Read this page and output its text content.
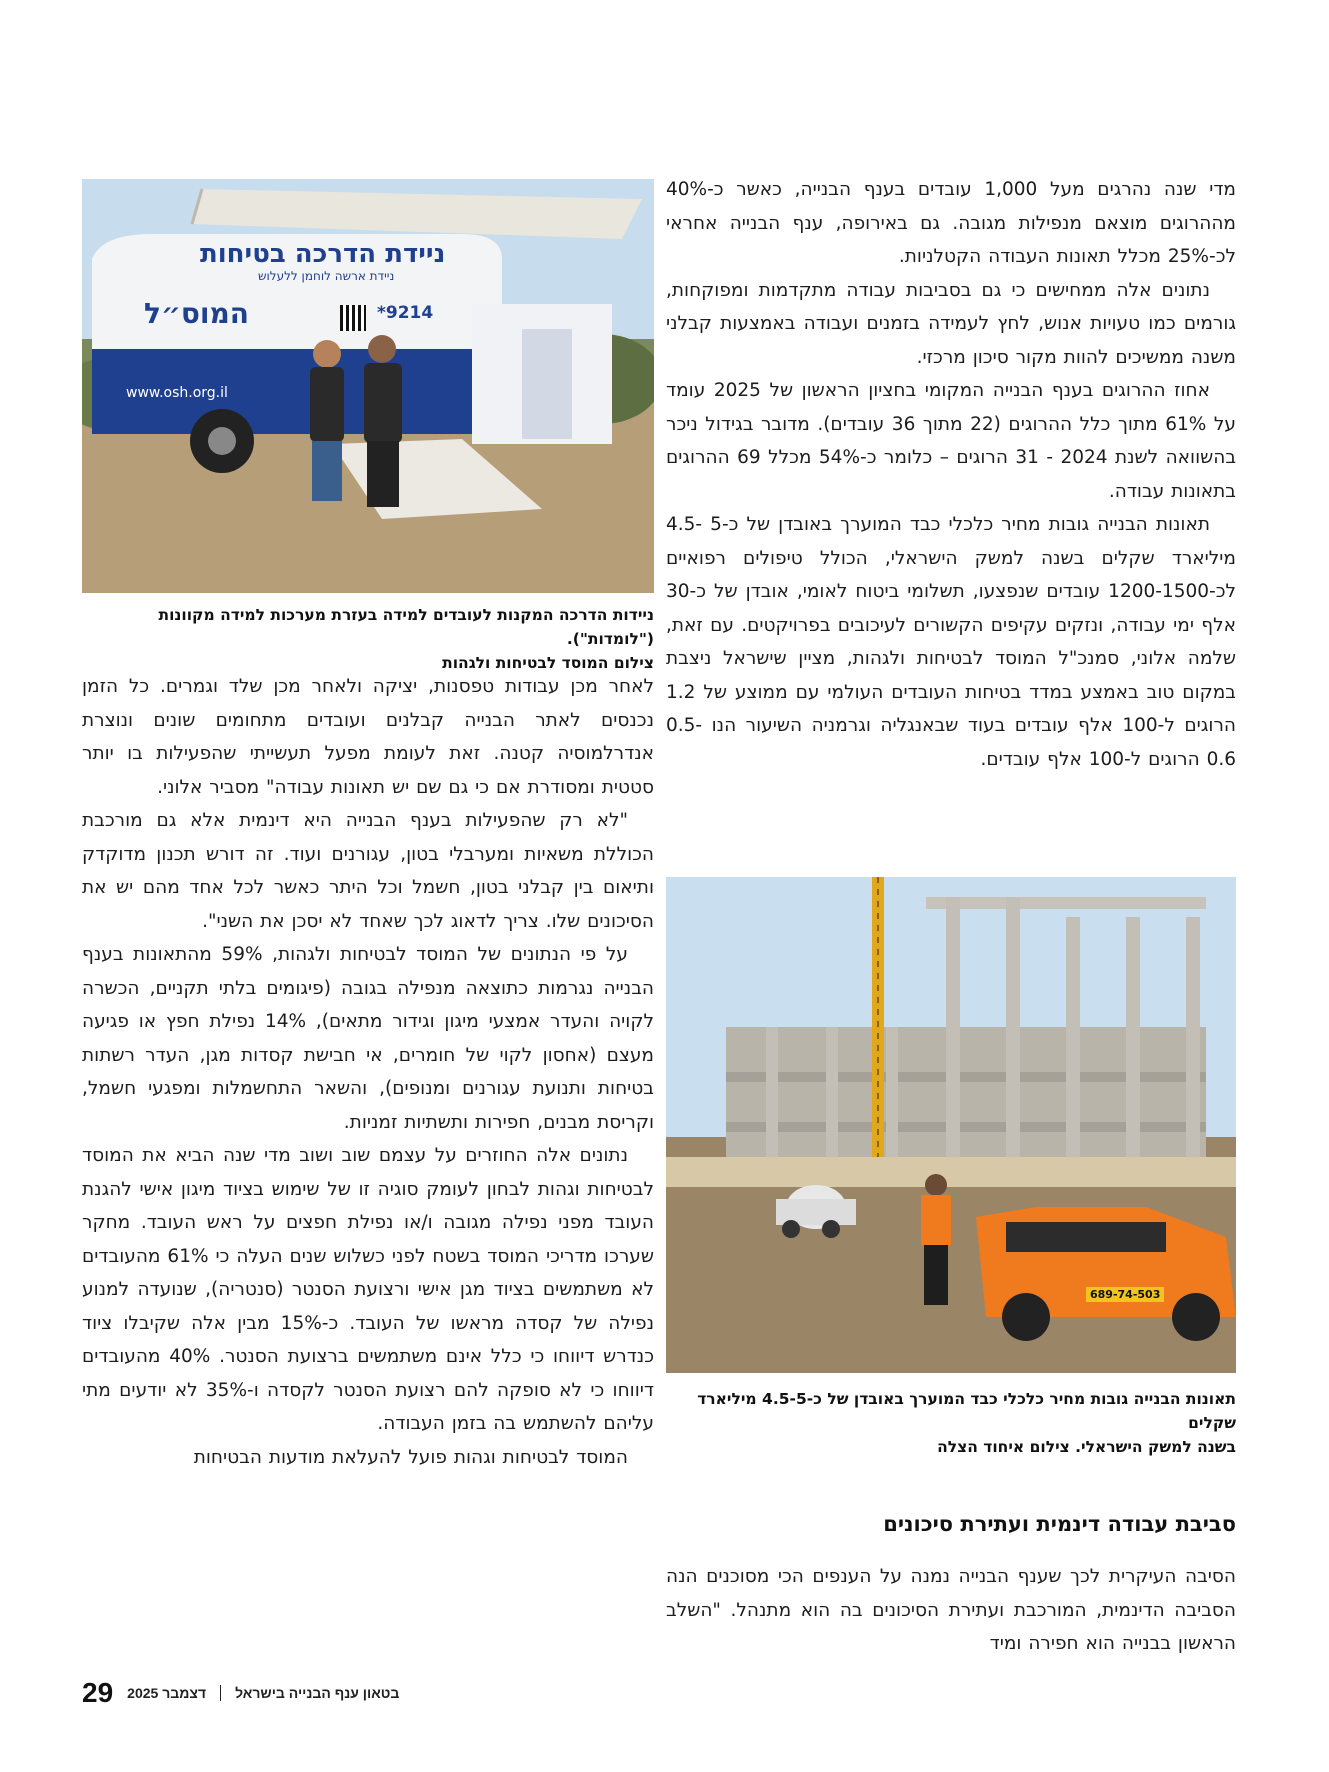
מדי שנה נהרגים מעל 1,000 עובדים בענף הבנייה, כאשר כ-40% מההרוגים מוצאם מנפילות מגובה. גם באירופה, ענף הבנייה אחראי לכ-25% מכלל תאונות העבודה הקטלניות.

נתונים אלה ממחישים כי גם בסביבות עבודה מתקדמות ומפוקחות, גורמים כמו טעויות אנוש, לחץ לעמידה בזמנים ועבודה באמצעות קבלני משנה ממשיכים להוות מקור סיכון מרכזי.

אחוז ההרוגים בענף הבנייה המקומי בחציון הראשון של 2025 עומד על 61% מתוך כלל ההרוגים (22 מתוך 36 עובדים). מדובר בגידול ניכר בהשוואה לשנת 2024 - 31 הרוגים – כלומר כ-54% מכלל 69 ההרוגים בתאונות עבודה.

תאונות הבנייה גובות מחיר כלכלי כבד המוערך באובדן של כ-5 -4.5 מיליארד שקלים בשנה למשק הישראלי, הכולל טיפולים רפואיים לכ-1200-1500 עובדים שנפצעו, תשלומי ביטוח לאומי, אובדן של כ-30 אלף ימי עבודה, ונזקים עקיפים הקשורים לעיכובים בפרויקטים. עם זאת, שלמה אלוני, סמנכ"ל המוסד לבטיחות ולגהות, מציין שישראל ניצבת במקום טוב באמצע במדד בטיחות העובדים העולמי עם ממוצע של 1.2 הרוגים ל-100 אלף עובדים בעוד שבאנגליה וגרמניה השיעור הנו 0.5-0.6 הרוגים ל-100 אלף עובדים.

ניידת הדרכה בטיחות
ניידת ארשה לוחמן ללעלוש
המוס״ל	*9214
www.osh.org.il
ניידות הדרכה המקנות לעובדים למידה בעזרת מערכות למידה מקוונות ("לומדות").
צילום המוסד לבטיחות ולגהות

לאחר מכן עבודות טפסנות, יציקה ולאחר מכן שלד וגמרים. כל הזמן נכנסים לאתר הבנייה קבלנים ועובדים מתחומים שונים ונוצרת אנדרלמוסיה קטנה. זאת לעומת מפעל תעשייתי שהפעילות בו יותר סטטית ומסודרת אם כי גם שם יש תאונות עבודה" מסביר אלוני.

"לא רק שהפעילות בענף הבנייה היא דינמית אלא גם מורכבת הכוללת משאיות ומערבלי בטון, עגורנים ועוד. זה דורש תכנון מדוקדק ותיאום בין קבלני בטון, חשמל וכל היתר כאשר לכל אחד מהם יש את הסיכונים שלו. צריך לדאוג לכך שאחד לא יסכן את השני".

על פי הנתונים של המוסד לבטיחות ולגהות, 59% מהתאונות בענף הבנייה נגרמות כתוצאה מנפילה בגובה (פיגומים בלתי תקניים, הכשרה לקויה והעדר אמצעי מיגון וגידור מתאים), 14% נפילת חפץ או פגיעה מעצם (אחסון לקוי של חומרים, אי חבישת קסדות מגן, העדר רשתות בטיחות ותנועת עגורנים ומנופים), והשאר התחשמלות ומפגעי חשמל, וקריסת מבנים, חפירות ותשתיות זמניות.

נתונים אלה החוזרים על עצמם שוב ושוב מדי שנה הביא את המוסד לבטיחות וגהות לבחון לעומק סוגיה זו של שימוש בציוד מיגון אישי להגנת העובד מפני נפילה מגובה ו/או נפילת חפצים על ראש העובד. מחקר שערכו מדריכי המוסד בשטח לפני כשלוש שנים העלה כי 61% מהעובדים לא משתמשים בציוד מגן אישי ורצועת הסנטר (סנטריה), שנועדה למנוע נפילה של קסדה מראשו של העובד. כ-15% מבין אלה שקיבלו ציוד כנדרש דיווחו כי כלל אינם משתמשים ברצועת הסנטר. 40% מהעובדים דיווחו כי לא סופקה להם רצועת הסנטר לקסדה ו-35% לא יודעים מתי עליהם להשתמש בה בזמן העבודה.

המוסד לבטיחות וגהות פועל להעלאת מודעות הבטיחות

689-74-503
תאונות הבנייה גובות מחיר כלכלי כבד המוערך באובדן של כ-4.5-5 מיליארד שקלים
בשנה למשק הישראלי. צילום איחוד הצלה
סביבת עבודה דינמית ועתירת סיכונים

הסיבה העיקרית לכך שענף הבנייה נמנה על הענפים הכי מסוכנים הנה הסביבה הדינמית, המורכבת ועתירת הסיכונים בה הוא מתנהל. "השלב הראשון בבנייה הוא חפירה ומיד

29 דצמבר 2025 בטאון ענף הבנייה בישראל
